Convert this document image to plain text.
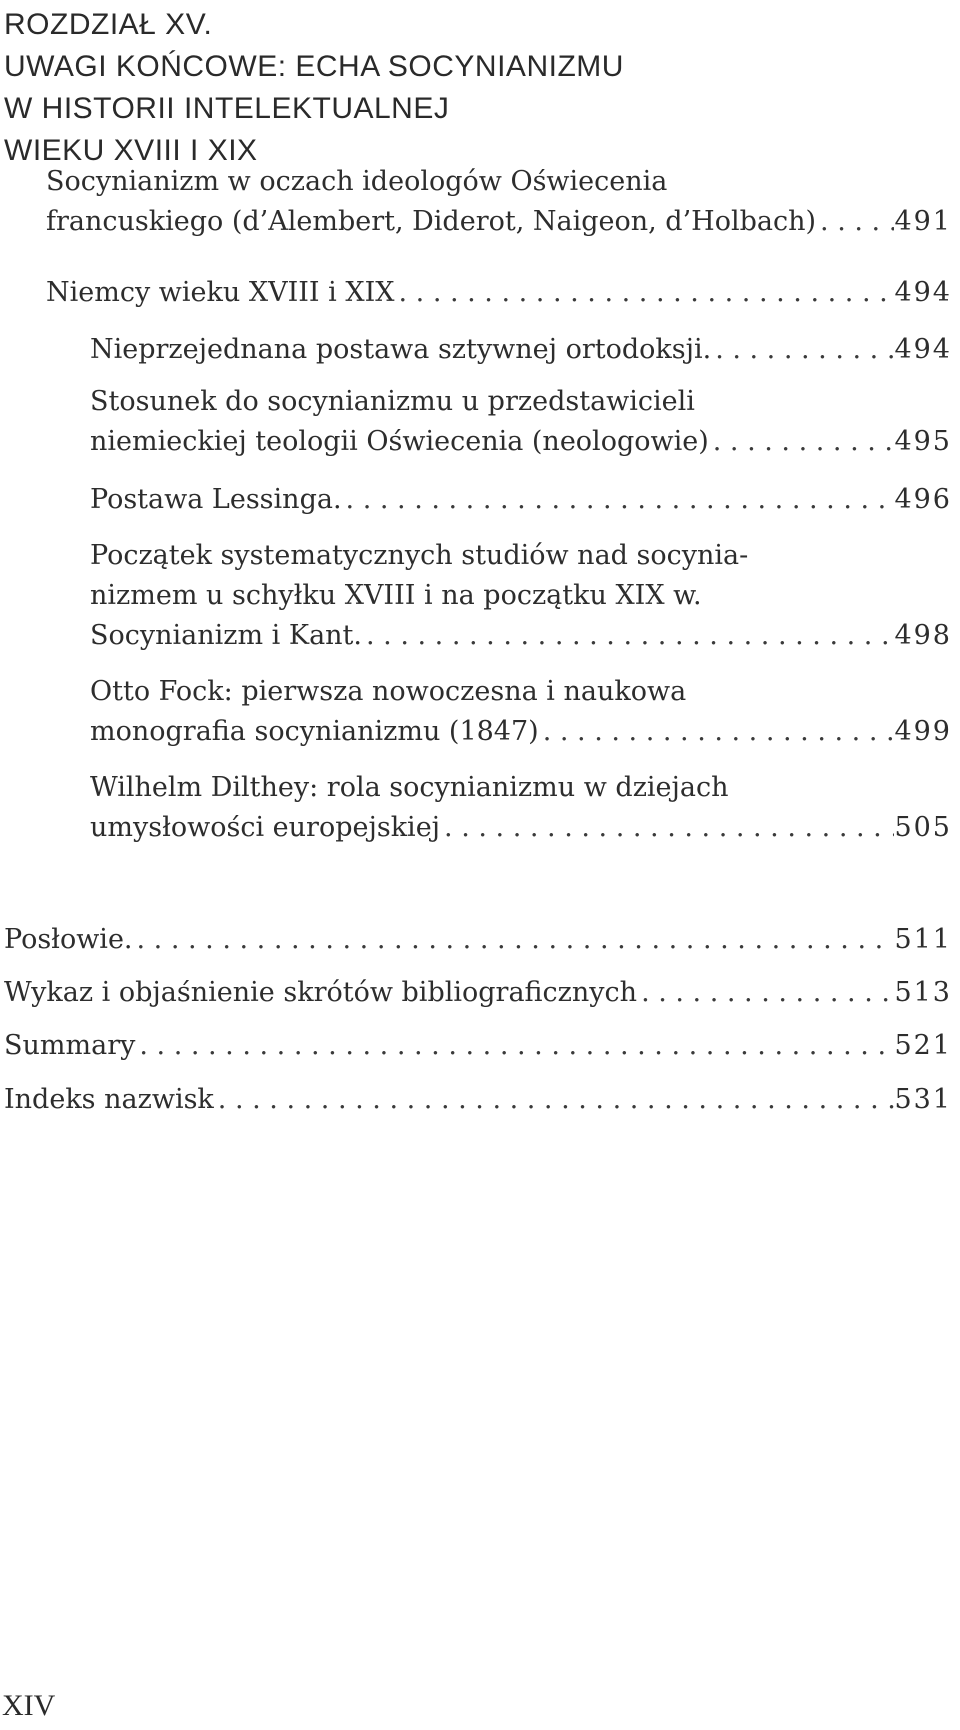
ROZDZIAŁ XV.
UWAGI KOŃCOWE: ECHA SOCYNIANIZMU
W HISTORII INTELEKTUALNEJ
WIEKU XVIII I XIX
Socynianizm w oczach ideologów Oświecenia
francuskiego (d’Alembert, Diderot, Naigeon, d’Holbach) . . .	491
Niemcy wieku XVIII i XIX . . .	494
Nieprzejednana postawa sztywnej ortodoksji. . . .	494
Stosunek do socynianizmu u przedstawicieli
niemieckiej teologii Oświecenia (neologowie) . . .	495
Postawa Lessinga. . . .	496
Początek systematycznych studiów nad socynia-
nizmem u schyłku XVIII i na początku XIX w.
Socynianizm i Kant. . . .	498
Otto Fock: pierwsza nowoczesna i naukowa
monografia socynianizmu (1847) . . .	499
Wilhelm Dilthey: rola socynianizmu w dziejach
umysłowości europejskiej . . .	505
Posłowie. . . .	511
Wykaz i objaśnienie skrótów bibliograficznych . . .	513
Summary . . .	521
Indeks nazwisk . . .	531
XIV
